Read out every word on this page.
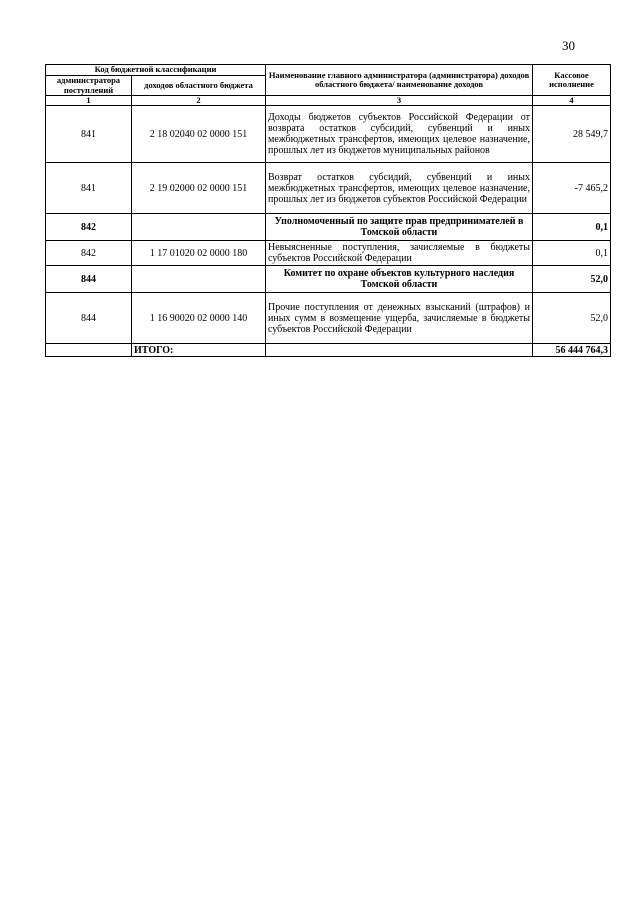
30
Код бюджетной классификации		Наименование главного администратора (администратора) доходов областного бюджета/ наименование доходов	Кассовое исполнение
администратора поступлений	доходов областного бюджета		
1	2	3	4
841	2 18 02040 02 0000 151	Доходы бюджетов субъектов Российской Федерации от возврата остатков субсидий, субвенций и иных межбюджетных трансфертов, имеющих целевое назначение, прошлых лет из бюджетов муниципальных районов	28 549,7
841	2 19 02000 02 0000 151	Возврат остатков субсидий, субвенций и иных межбюджетных трансфертов, имеющих целевое назначение, прошлых лет из бюджетов субъектов Российской Федерации	-7 465,2
842		Уполномоченный по защите прав предпринимателей в Томской области	0,1
842	1 17 01020 02 0000 180	Невыясненные поступления, зачисляемые в бюджеты субъектов Российской Федерации	0,1
844		Комитет по охране объектов культурного наследия Томской области	52,0
844	1 16 90020 02 0000 140	Прочие поступления от денежных взысканий (штрафов) и иных сумм в возмещение ущерба, зачисляемые в бюджеты субъектов Российской Федерации	52,0
	ИТОГО:		56 444 764,3
